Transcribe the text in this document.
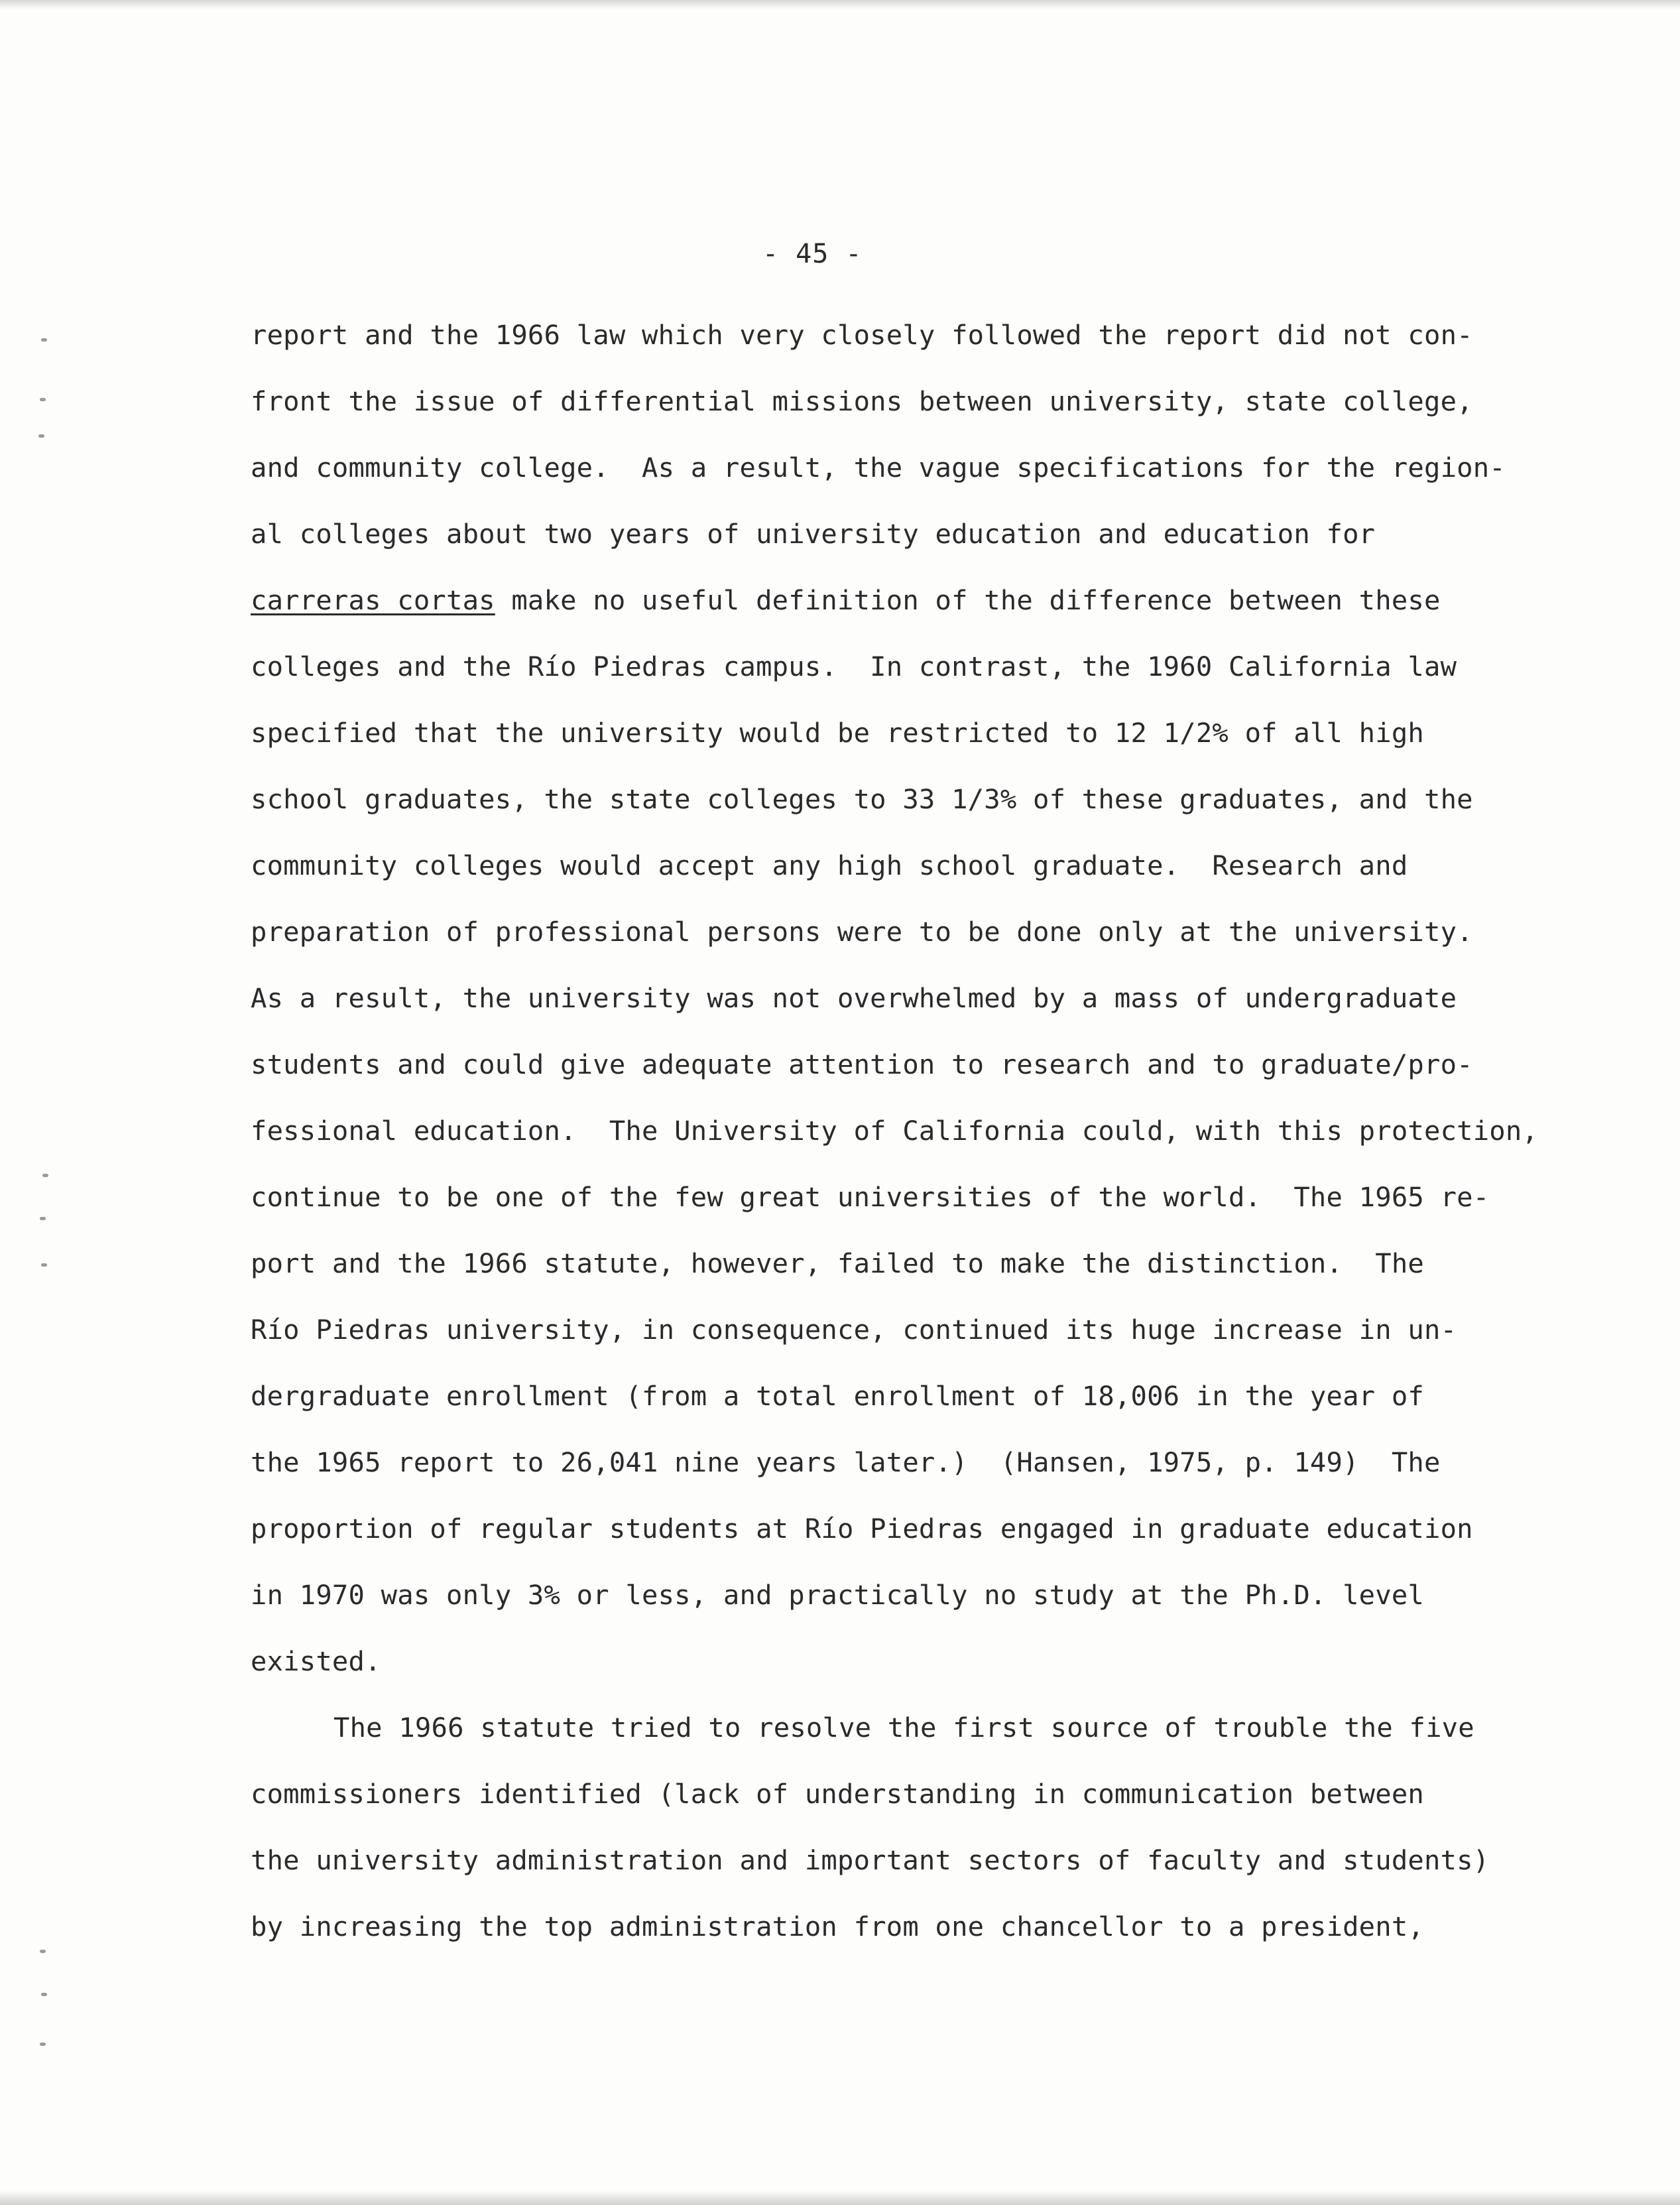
- 45 -
report and the 1966 law which very closely followed the report did not con-
front the issue of differential missions between university, state college,
and community college.  As a result, the vague specifications for the region-
al colleges about two years of university education and education for
carreras cortas make no useful definition of the difference between these
colleges and the Río Piedras campus.  In contrast, the 1960 California law
specified that the university would be restricted to 12 1/2% of all high
school graduates, the state colleges to 33 1/3% of these graduates, and the
community colleges would accept any high school graduate.  Research and
preparation of professional persons were to be done only at the university.
As a result, the university was not overwhelmed by a mass of undergraduate
students and could give adequate attention to research and to graduate/pro-
fessional education.  The University of California could, with this protection,
continue to be one of the few great universities of the world.  The 1965 re-
port and the 1966 statute, however, failed to make the distinction.  The
Río Piedras university, in consequence, continued its huge increase in un-
dergraduate enrollment (from a total enrollment of 18,006 in the year of
the 1965 report to 26,041 nine years later.)  (Hansen, 1975, p. 149)  The
proportion of regular students at Río Piedras engaged in graduate education
in 1970 was only 3% or less, and practically no study at the Ph.D. level
existed.
The 1966 statute tried to resolve the first source of trouble the five
commissioners identified (lack of understanding in communication between
the university administration and important sectors of faculty and students)
by increasing the top administration from one chancellor to a president,
